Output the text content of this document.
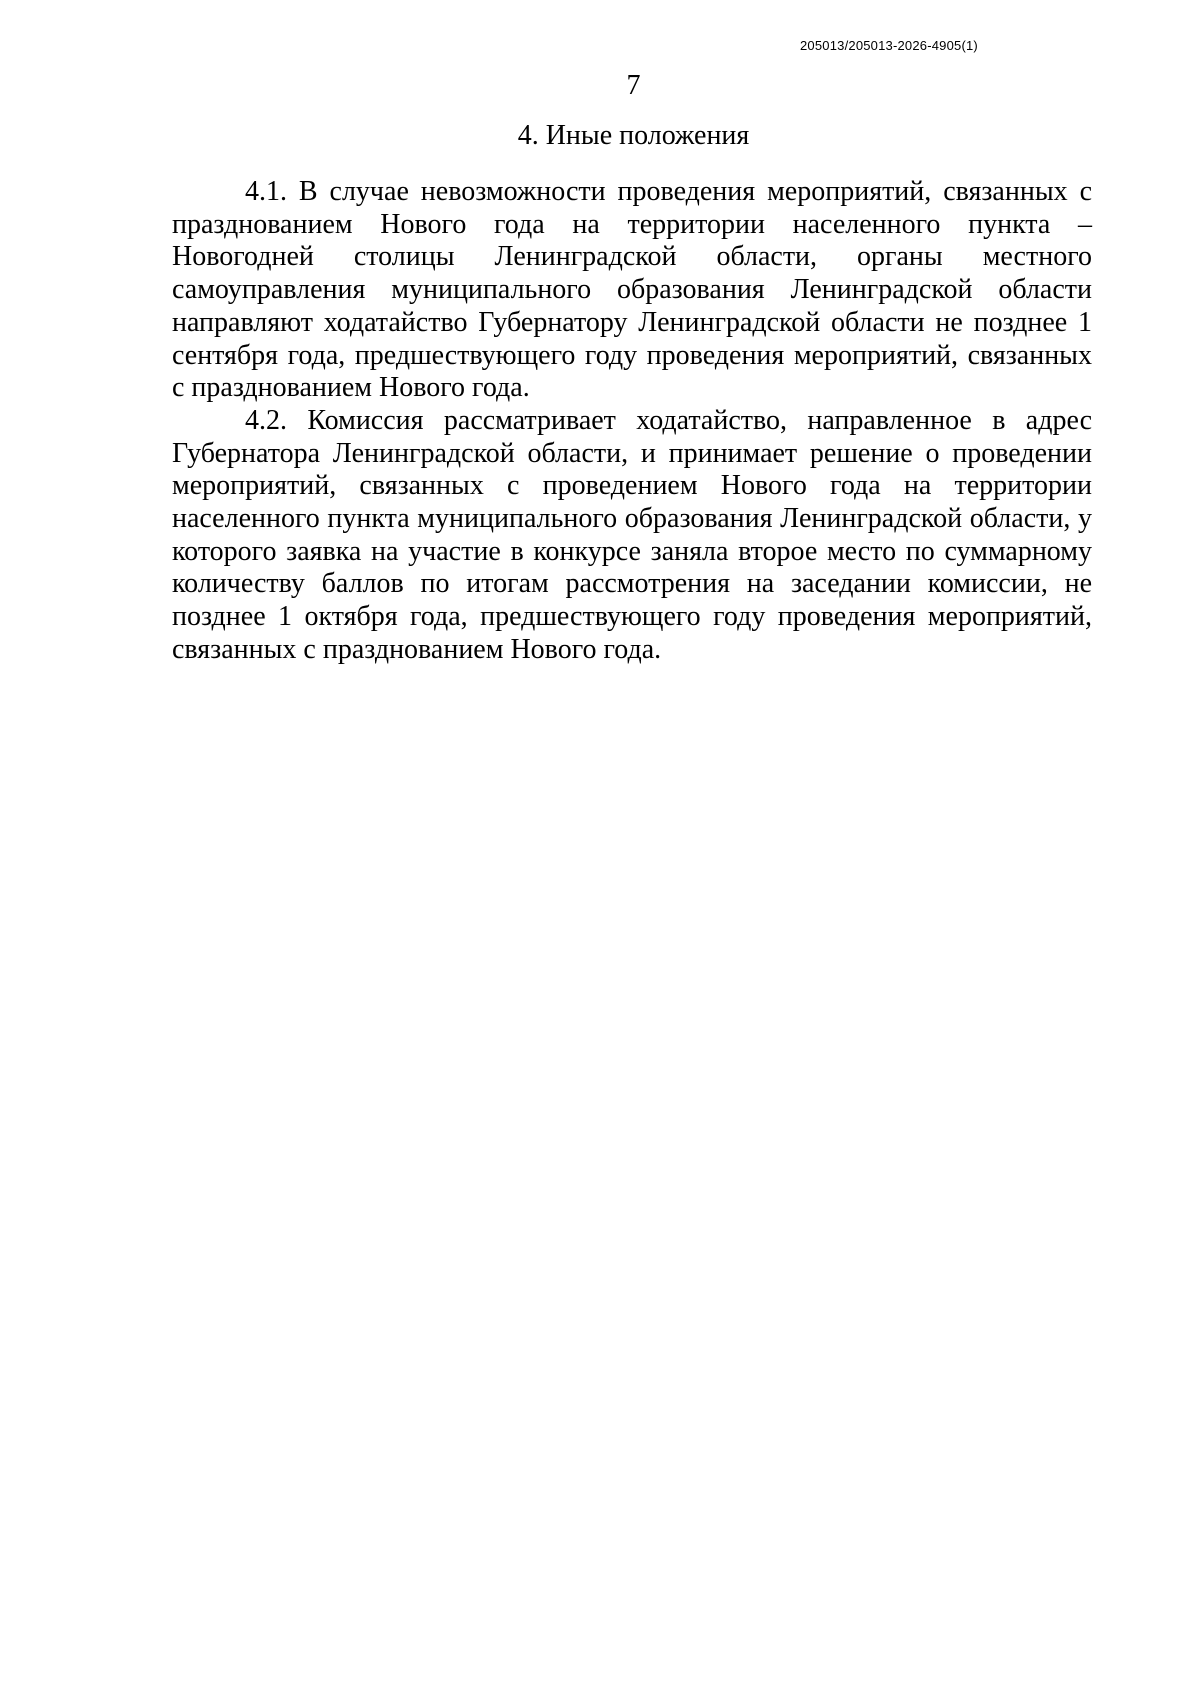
205013/205013-2026-4905(1)
7
4. Иные положения

4.1. В случае невозможности проведения мероприятий, связанных с празднованием Нового года на территории населенного пункта – Новогодней столицы Ленинградской области, органы местного самоуправления муниципального образования Ленинградской области направляют ходатайство Губернатору Ленинградской области не позднее 1 сентября года, предшествующего году проведения мероприятий, связанных с празднованием Нового года.

4.2. Комиссия рассматривает ходатайство, направленное в адрес Губернатора Ленинградской области, и принимает решение о проведении мероприятий, связанных с проведением Нового года на территории населенного пункта муниципального образования Ленинградской области, у которого заявка на участие в конкурсе заняла второе место по суммарному количеству баллов по итогам рассмотрения на заседании комиссии, не позднее 1 октября года, предшествующего году проведения мероприятий, связанных с празднованием Нового года.
